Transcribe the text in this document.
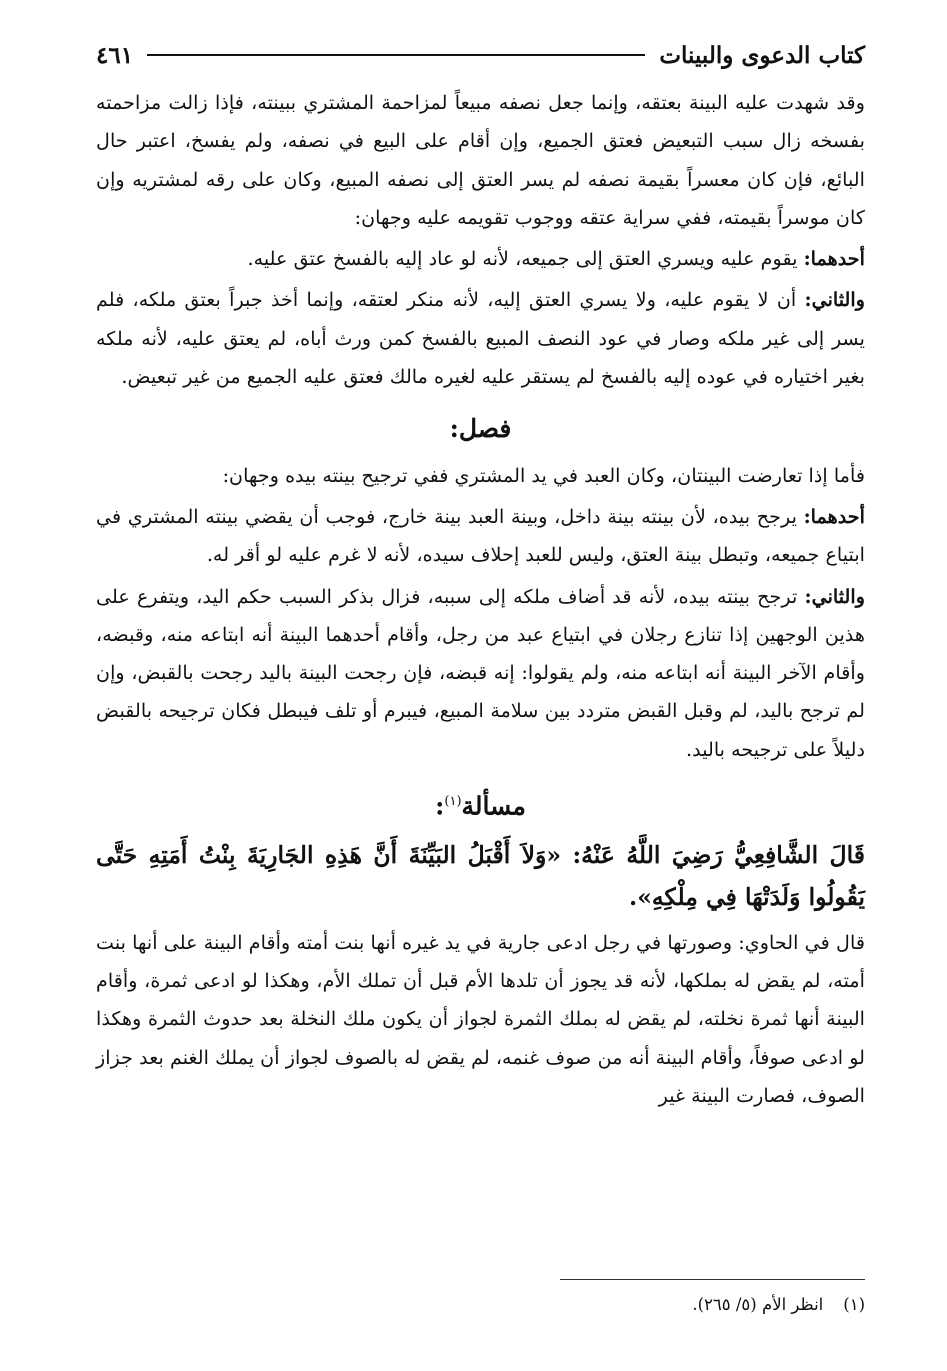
كتاب الدعوى والبينات
٤٦١

وقد شهدت عليه البينة بعتقه، وإنما جعل نصفه مبيعاً لمزاحمة المشتري ببينته، فإذا زالت مزاحمته بفسخه زال سبب التبعيض فعتق الجميع، وإن أقام على البيع في نصفه، ولم يفسخ، اعتبر حال البائع، فإن كان معسراً بقيمة نصفه لم يسر العتق إلى نصفه المبيع، وكان على رقه لمشتريه وإن كان موسراً بقيمته، ففي سراية عتقه ووجوب تقويمه عليه وجهان:

أحدهما: يقوم عليه ويسري العتق إلى جميعه، لأنه لو عاد إليه بالفسخ عتق عليه.

والثاني: أن لا يقوم عليه، ولا يسري العتق إليه، لأنه منكر لعتقه، وإنما أخذ جبراً بعتق ملكه، فلم يسر إلى غير ملكه وصار في عود النصف المبيع بالفسخ كمن ورث أباه، لم يعتق عليه، لأنه ملكه بغير اختياره في عوده إليه بالفسخ لم يستقر عليه لغيره مالك فعتق عليه الجميع من غير تبعيض.

فصل:

فأما إذا تعارضت البينتان، وكان العبد في يد المشتري ففي ترجيح بينته بيده وجهان:

أحدهما: يرجح بيده، لأن بينته بينة داخل، وبينة العبد بينة خارج، فوجب أن يقضي بينته المشتري في ابتياع جميعه، وتبطل بينة العتق، وليس للعبد إحلاف سيده، لأنه لا غرم عليه لو أقر له.

والثاني: ترجح بينته بيده، لأنه قد أضاف ملكه إلى سببه، فزال بذكر السبب حكم اليد، ويتفرع على هذين الوجهين إذا تنازع رجلان في ابتياع عبد من رجل، وأقام أحدهما البينة أنه ابتاعه منه، وقبضه، وأقام الآخر البينة أنه ابتاعه منه، ولم يقولوا: إنه قبضه، فإن رجحت البينة باليد رجحت بالقبض، وإن لم ترجح باليد، لم وقبل القبض متردد بين سلامة المبيع، فيبرم أو تلف فيبطل فكان ترجيحه بالقبض دليلاً على ترجيحه باليد.

مسألة$^{(١)}$:

قَالَ الشَّافِعِيُّ رَضِيَ اللَّهُ عَنْهُ: «وَلاَ أَقْبَلُ البَيِّنَةَ أَنَّ هَذِهِ الجَارِيَةَ بِنْتُ أَمَتِهِ حَتَّى يَقُولُوا وَلَدَتْهَا فِي مِلْكِهِ».

قال في الحاوي: وصورتها في رجل ادعى جارية في يد غيره أنها بنت أمته وأقام البينة على أنها بنت أمته، لم يقض له بملكها، لأنه قد يجوز أن تلدها الأم قبل أن تملك الأم، وهكذا لو ادعى ثمرة، وأقام البينة أنها ثمرة نخلته، لم يقض له بملك الثمرة لجواز أن يكون ملك النخلة بعد حدوث الثمرة وهكذا لو ادعى صوفاً، وأقام البينة أنه من صوف غنمه، لم يقض له بالصوف لجواز أن يملك الغنم بعد جزاز الصوف، فصارت البينة غير

(١)
انظر الأم (٥/ ٢٦٥).
